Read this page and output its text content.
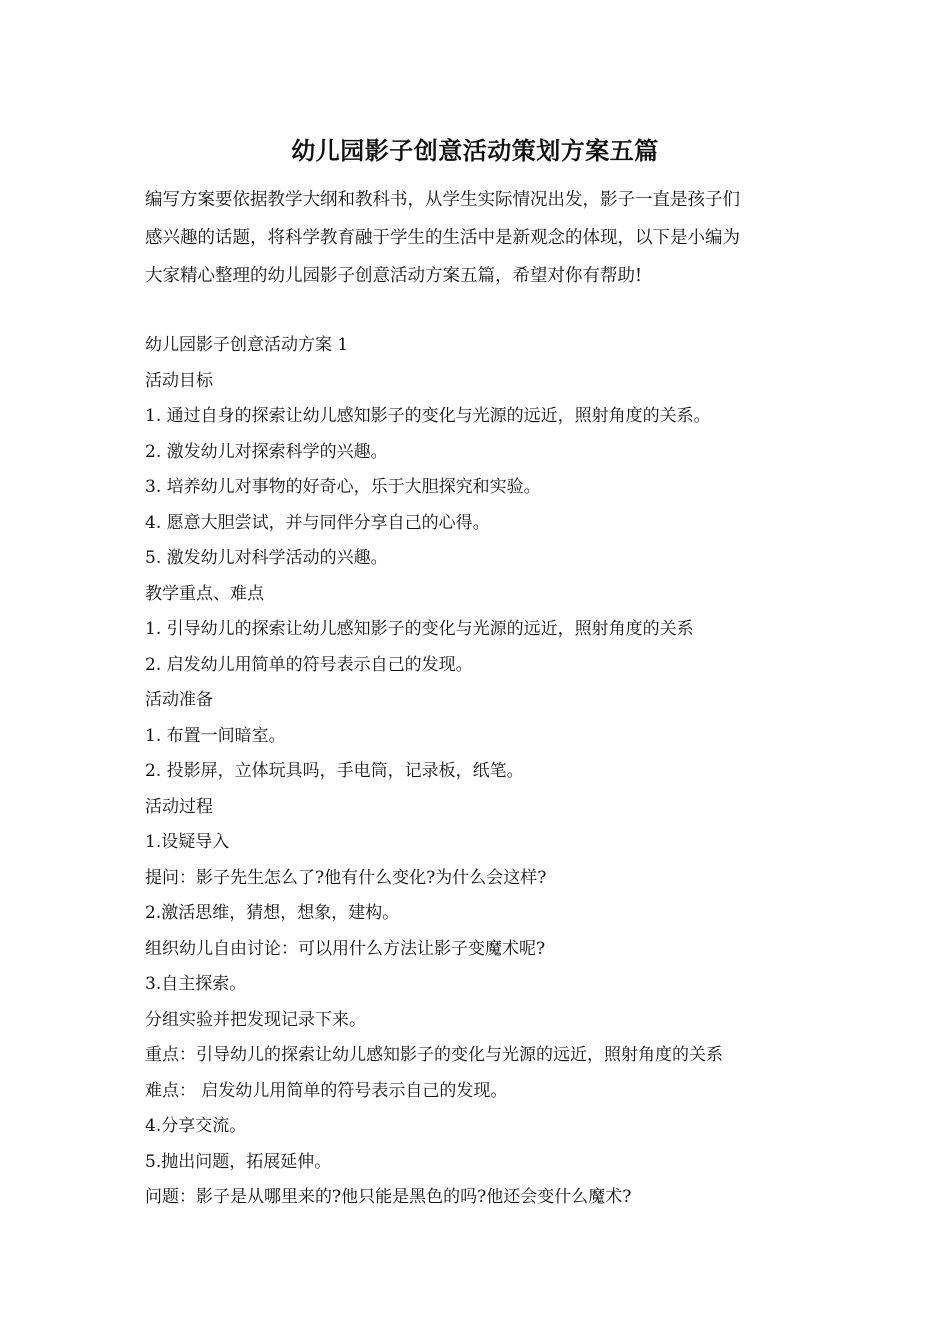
幼儿园影子创意活动策划方案五篇
编写方案要依据教学大纲和教科书，从学生实际情况出发，影子一直是孩子们
感兴趣的话题，将科学教育融于学生的生活中是新观念的体现，以下是小编为
大家精心整理的幼儿园影子创意活动方案五篇，希望对你有帮助!
幼儿园影子创意活动方案 1
活动目标
1. 通过自身的探索让幼儿感知影子的变化与光源的远近，照射角度的关系。
2. 激发幼儿对探索科学的兴趣。
3. 培养幼儿对事物的好奇心，乐于大胆探究和实验。
4. 愿意大胆尝试，并与同伴分享自己的心得。
5. 激发幼儿对科学活动的兴趣。
教学重点、难点
1. 引导幼儿的探索让幼儿感知影子的变化与光源的远近，照射角度的关系
2. 启发幼儿用简单的符号表示自己的发现。
活动准备
1. 布置一间暗室。
2. 投影屏，立体玩具吗，手电筒，记录板，纸笔。
活动过程
1.设疑导入
提问：影子先生怎么了?他有什么变化?为什么会这样?
2.激活思维，猜想，想象，建构。
组织幼儿自由讨论：可以用什么方法让影子变魔术呢?
3.自主探索。
分组实验并把发现记录下来。
重点：引导幼儿的探索让幼儿感知影子的变化与光源的远近，照射角度的关系
难点： 启发幼儿用简单的符号表示自己的发现。
4.分享交流。
5.抛出问题，拓展延伸。
问题：影子是从哪里来的?他只能是黑色的吗?他还会变什么魔术?
